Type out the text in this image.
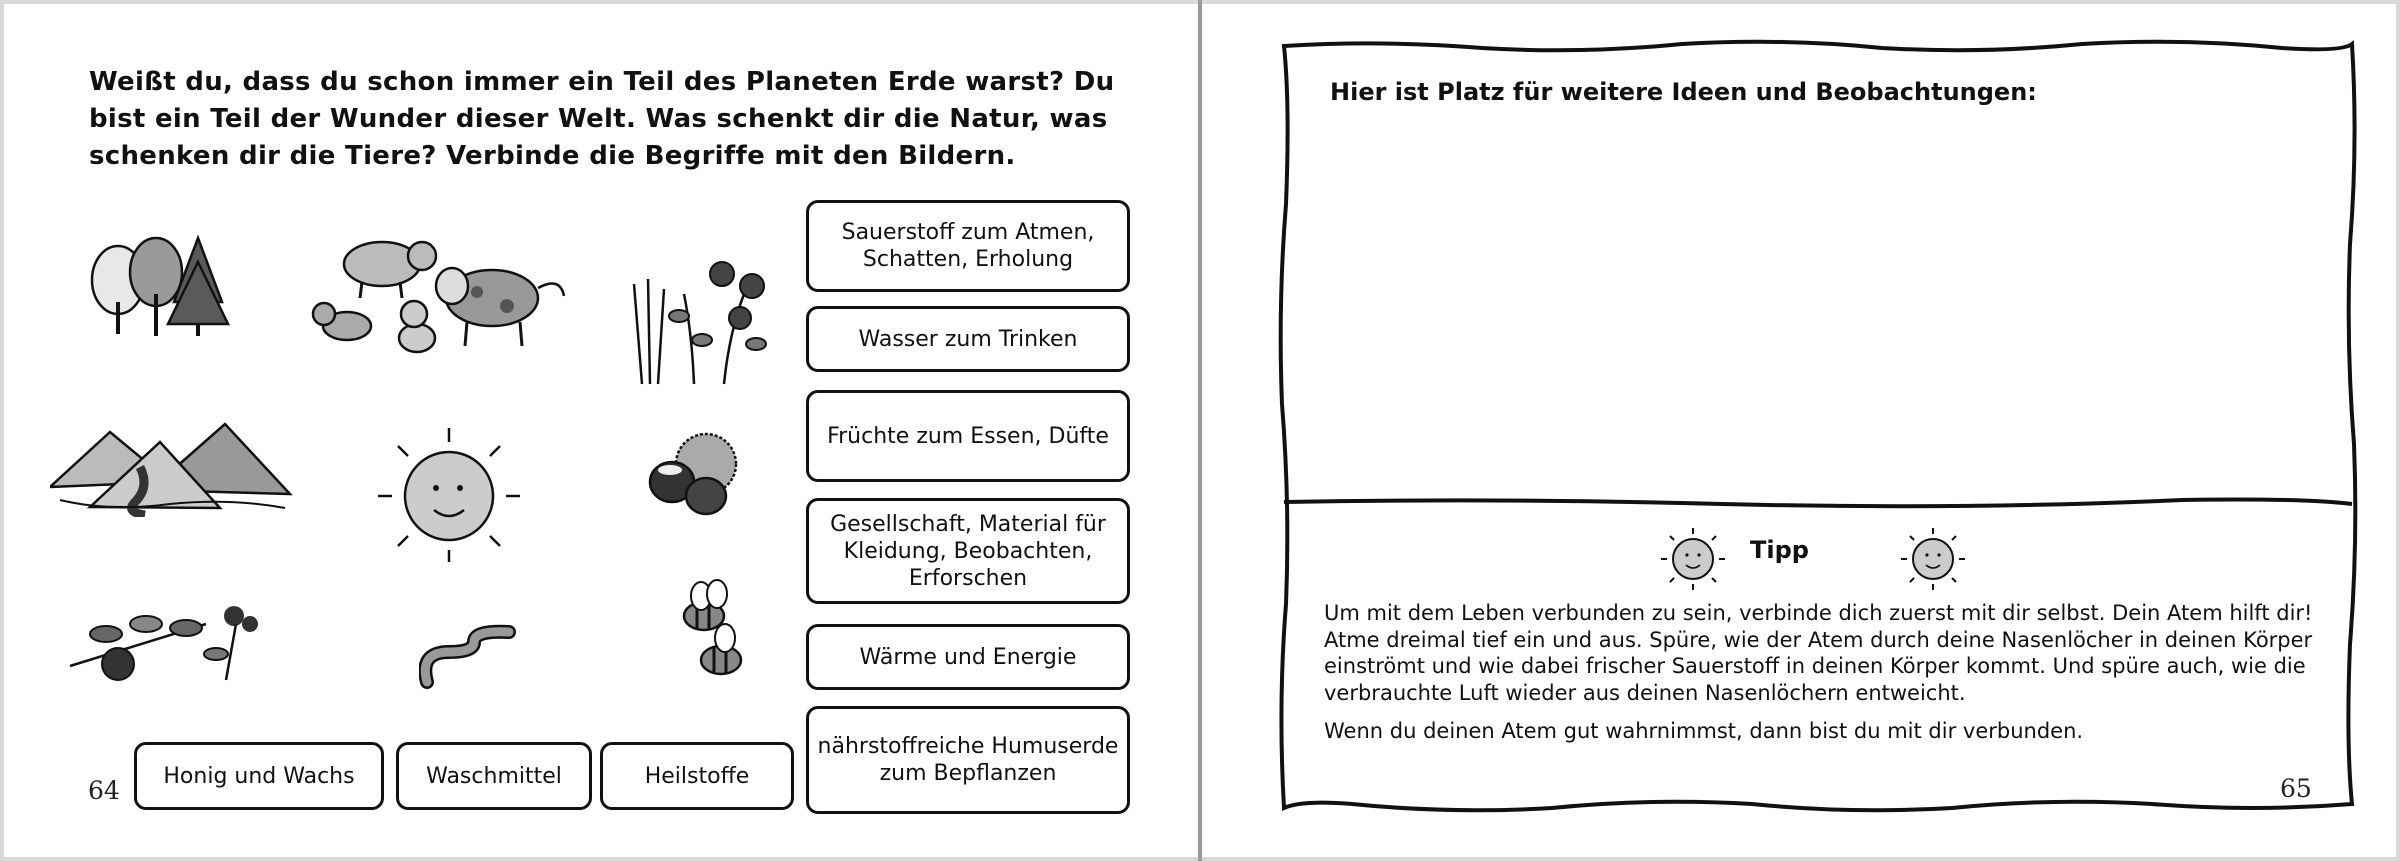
Weißt du, dass du schon immer ein Teil des Planeten Erde warst? Du bist ein Teil der Wunder dieser Welt. Was schenkt dir die Natur, was schenken dir die Tiere? Verbinde die Begriffe mit den Bildern.
Sauerstoff zum Atmen, Schatten, Erholung
Wasser zum Trinken
Früchte zum Essen, Düfte
Gesellschaft, Material für Kleidung, Beobachten, Erforschen
Wärme und Energie
nährstoffreiche Humuserde zum Bepflanzen
Honig und Wachs	Waschmittel	Heilstoffe
64
Hier ist Platz für weitere Ideen und Beobachtungen:
Tipp

Um mit dem Leben verbunden zu sein, verbinde dich zuerst mit dir selbst. Dein Atem hilft dir! Atme dreimal tief ein und aus. Spüre, wie der Atem durch deine Nasenlöcher in deinen Körper einströmt und wie dabei frischer Sauerstoff in deinen Körper kommt. Und spüre auch, wie die verbrauchte Luft wieder aus deinen Nasenlöchern entweicht.

Wenn du deinen Atem gut wahrnimmst, dann bist du mit dir verbunden.

65
